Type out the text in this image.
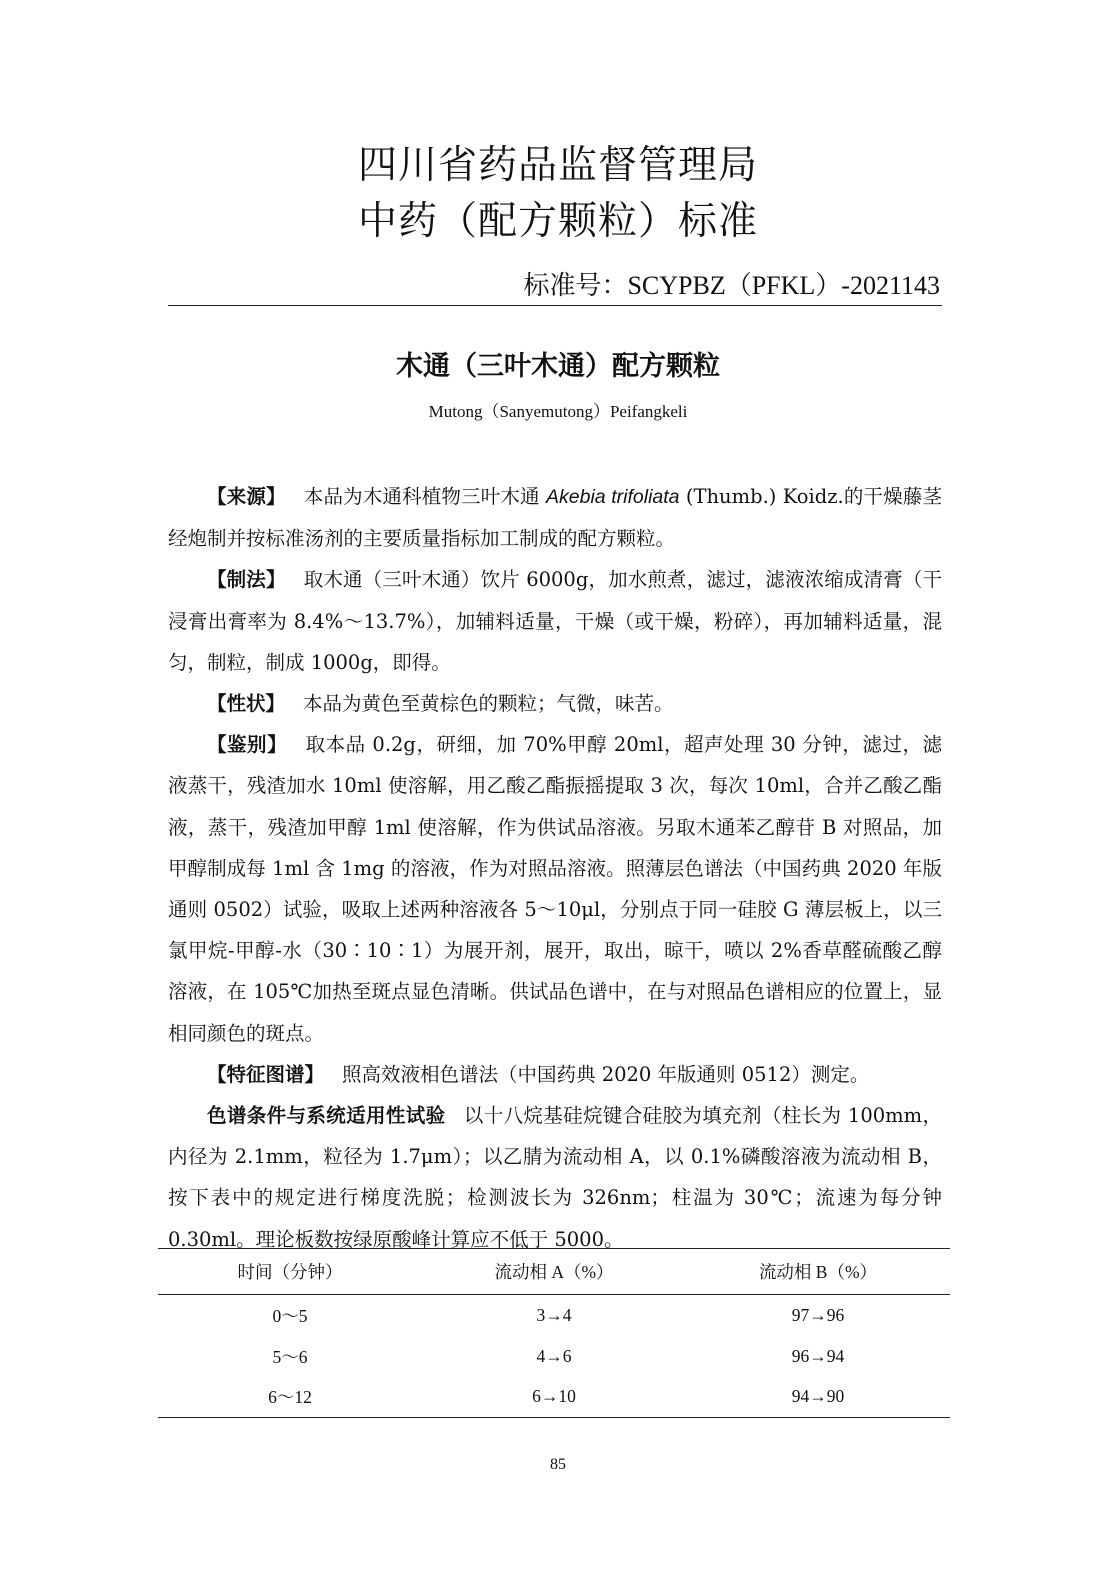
四川省药品监督管理局
中药（配方颗粒）标准
标准号：SCYPBZ（PFKL）-2021143
木通（三叶木通）配方颗粒
Mutong（Sanyemutong）Peifangkeli

【来源】 本品为木通科植物三叶木通 Akebia trifoliata (Thumb.) Koidz.的干燥藤茎经炮制并按标准汤剂的主要质量指标加工制成的配方颗粒。

【制法】 取木通（三叶木通）饮片 6000g，加水煎煮，滤过，滤液浓缩成清膏（干浸膏出膏率为 8.4%～13.7%），加辅料适量，干燥（或干燥，粉碎），再加辅料适量，混匀，制粒，制成 1000g，即得。

【性状】 本品为黄色至黄棕色的颗粒；气微，味苦。

【鉴别】 取本品 0.2g，研细，加 70%甲醇 20ml，超声处理 30 分钟，滤过，滤液蒸干，残渣加水 10ml 使溶解，用乙酸乙酯振摇提取 3 次，每次 10ml，合并乙酸乙酯液，蒸干，残渣加甲醇 1ml 使溶解，作为供试品溶液。另取木通苯乙醇苷 B 对照品，加甲醇制成每 1ml 含 1mg 的溶液，作为对照品溶液。照薄层色谱法（中国药典 2020 年版通则 0502）试验，吸取上述两种溶液各 5～10μl，分别点于同一硅胶 G 薄层板上，以三氯甲烷-甲醇-水（30∶10∶1）为展开剂，展开，取出，晾干，喷以 2%香草醛硫酸乙醇溶液，在 105℃加热至斑点显色清晰。供试品色谱中，在与对照品色谱相应的位置上，显相同颜色的斑点。

【特征图谱】 照高效液相色谱法（中国药典 2020 年版通则 0512）测定。

色谱条件与系统适用性试验 以十八烷基硅烷键合硅胶为填充剂（柱长为 100mm，内径为 2.1mm，粒径为 1.7μm）；以乙腈为流动相 A，以 0.1%磷酸溶液为流动相 B，按下表中的规定进行梯度洗脱；检测波长为 326nm；柱温为 30℃；流速为每分钟 0.30ml。理论板数按绿原酸峰计算应不低于 5000。

时间（分钟）	流动相 A（%）	流动相 B（%）
0～5	3→4	97→96
5～6	4→6	96→94
6～12	6→10	94→90
85
